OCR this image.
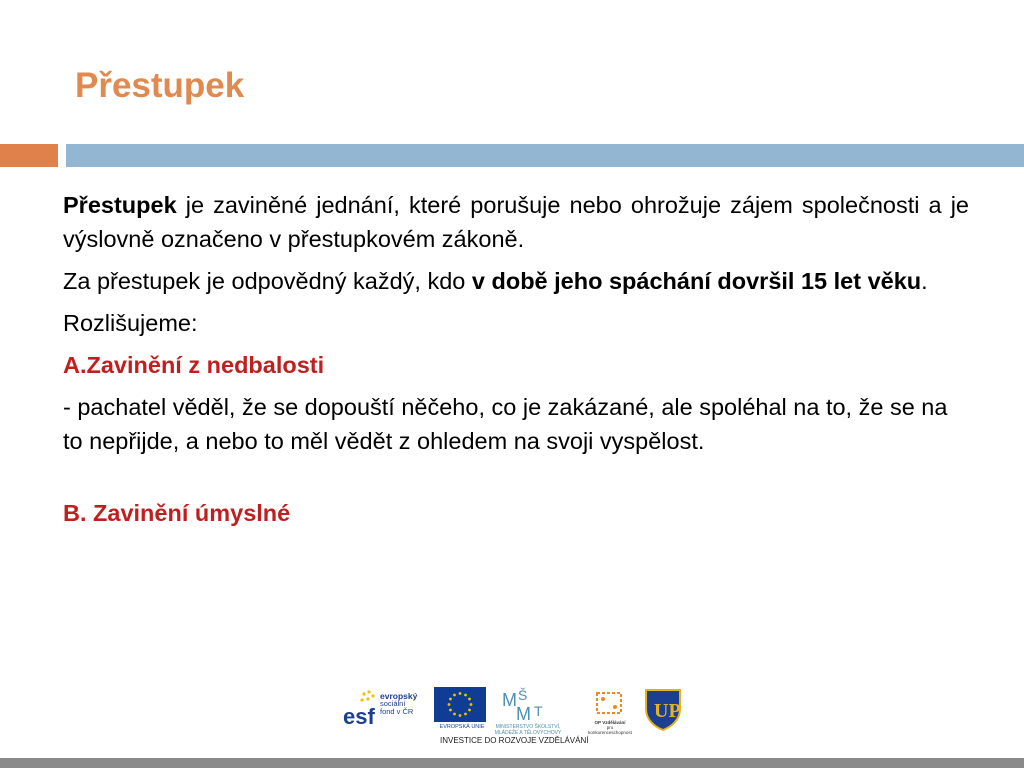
Přestupek

Přestupek je zaviněné jednání, které porušuje nebo ohrožuje zájem společnosti a je výslovně označeno v přestupkovém zákoně.

Za přestupek je odpovědný každý, kdo v době jeho spáchání dovršil 15 let věku.

Rozlišujeme:

A.Zavinění z nedbalosti

- pachatel věděl, že se dopouští něčeho, co je zakázané, ale spoléhal na to, že se na to nepřijde, a nebo to měl vědět z ohledem na svoji vyspělost.

B. Zavinění úmyslné

esf
evropský
sociální
fond v ČR
EVROPSKÁ UNIE
M Š
M T
MINISTERSTVO ŠKOLSTVÍ,
MLÁDEŽE A TĚLOVÝCHOVY
OP Vzdělávání
pro konkurenceschopnost
UP
INVESTICE DO ROZVOJE VZDĚLÁVÁNÍ
